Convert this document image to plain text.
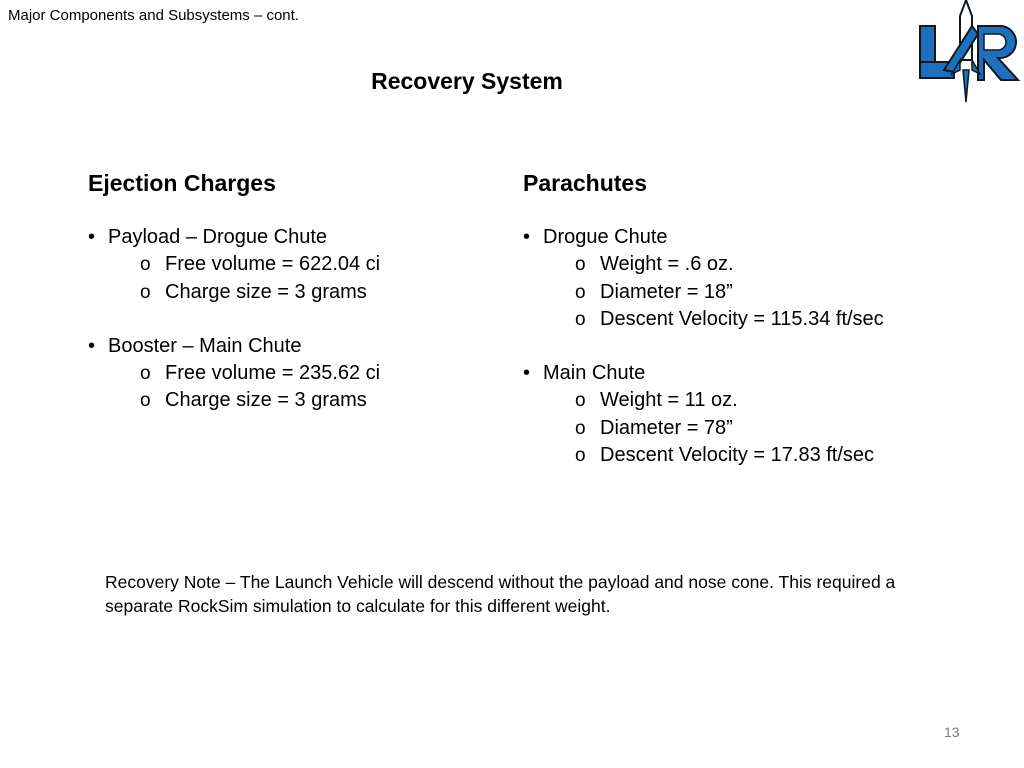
Major Components and Subsystems – cont.
Recovery System
Ejection Charges
• Payload – Drogue Chute
o Free volume = 622.04 ci
o Charge size = 3 grams
• Booster – Main Chute
o Free volume = 235.62 ci
o Charge size = 3 grams
Parachutes
• Drogue Chute
o Weight = .6 oz.
o Diameter = 18”
o Descent Velocity = 115.34 ft/sec
• Main Chute
o Weight = 11 oz.
o Diameter = 78”
o Descent Velocity = 17.83 ft/sec
Recovery Note – The Launch Vehicle will descend without the payload and nose cone. This required a separate RockSim simulation to calculate for this different weight.
13
